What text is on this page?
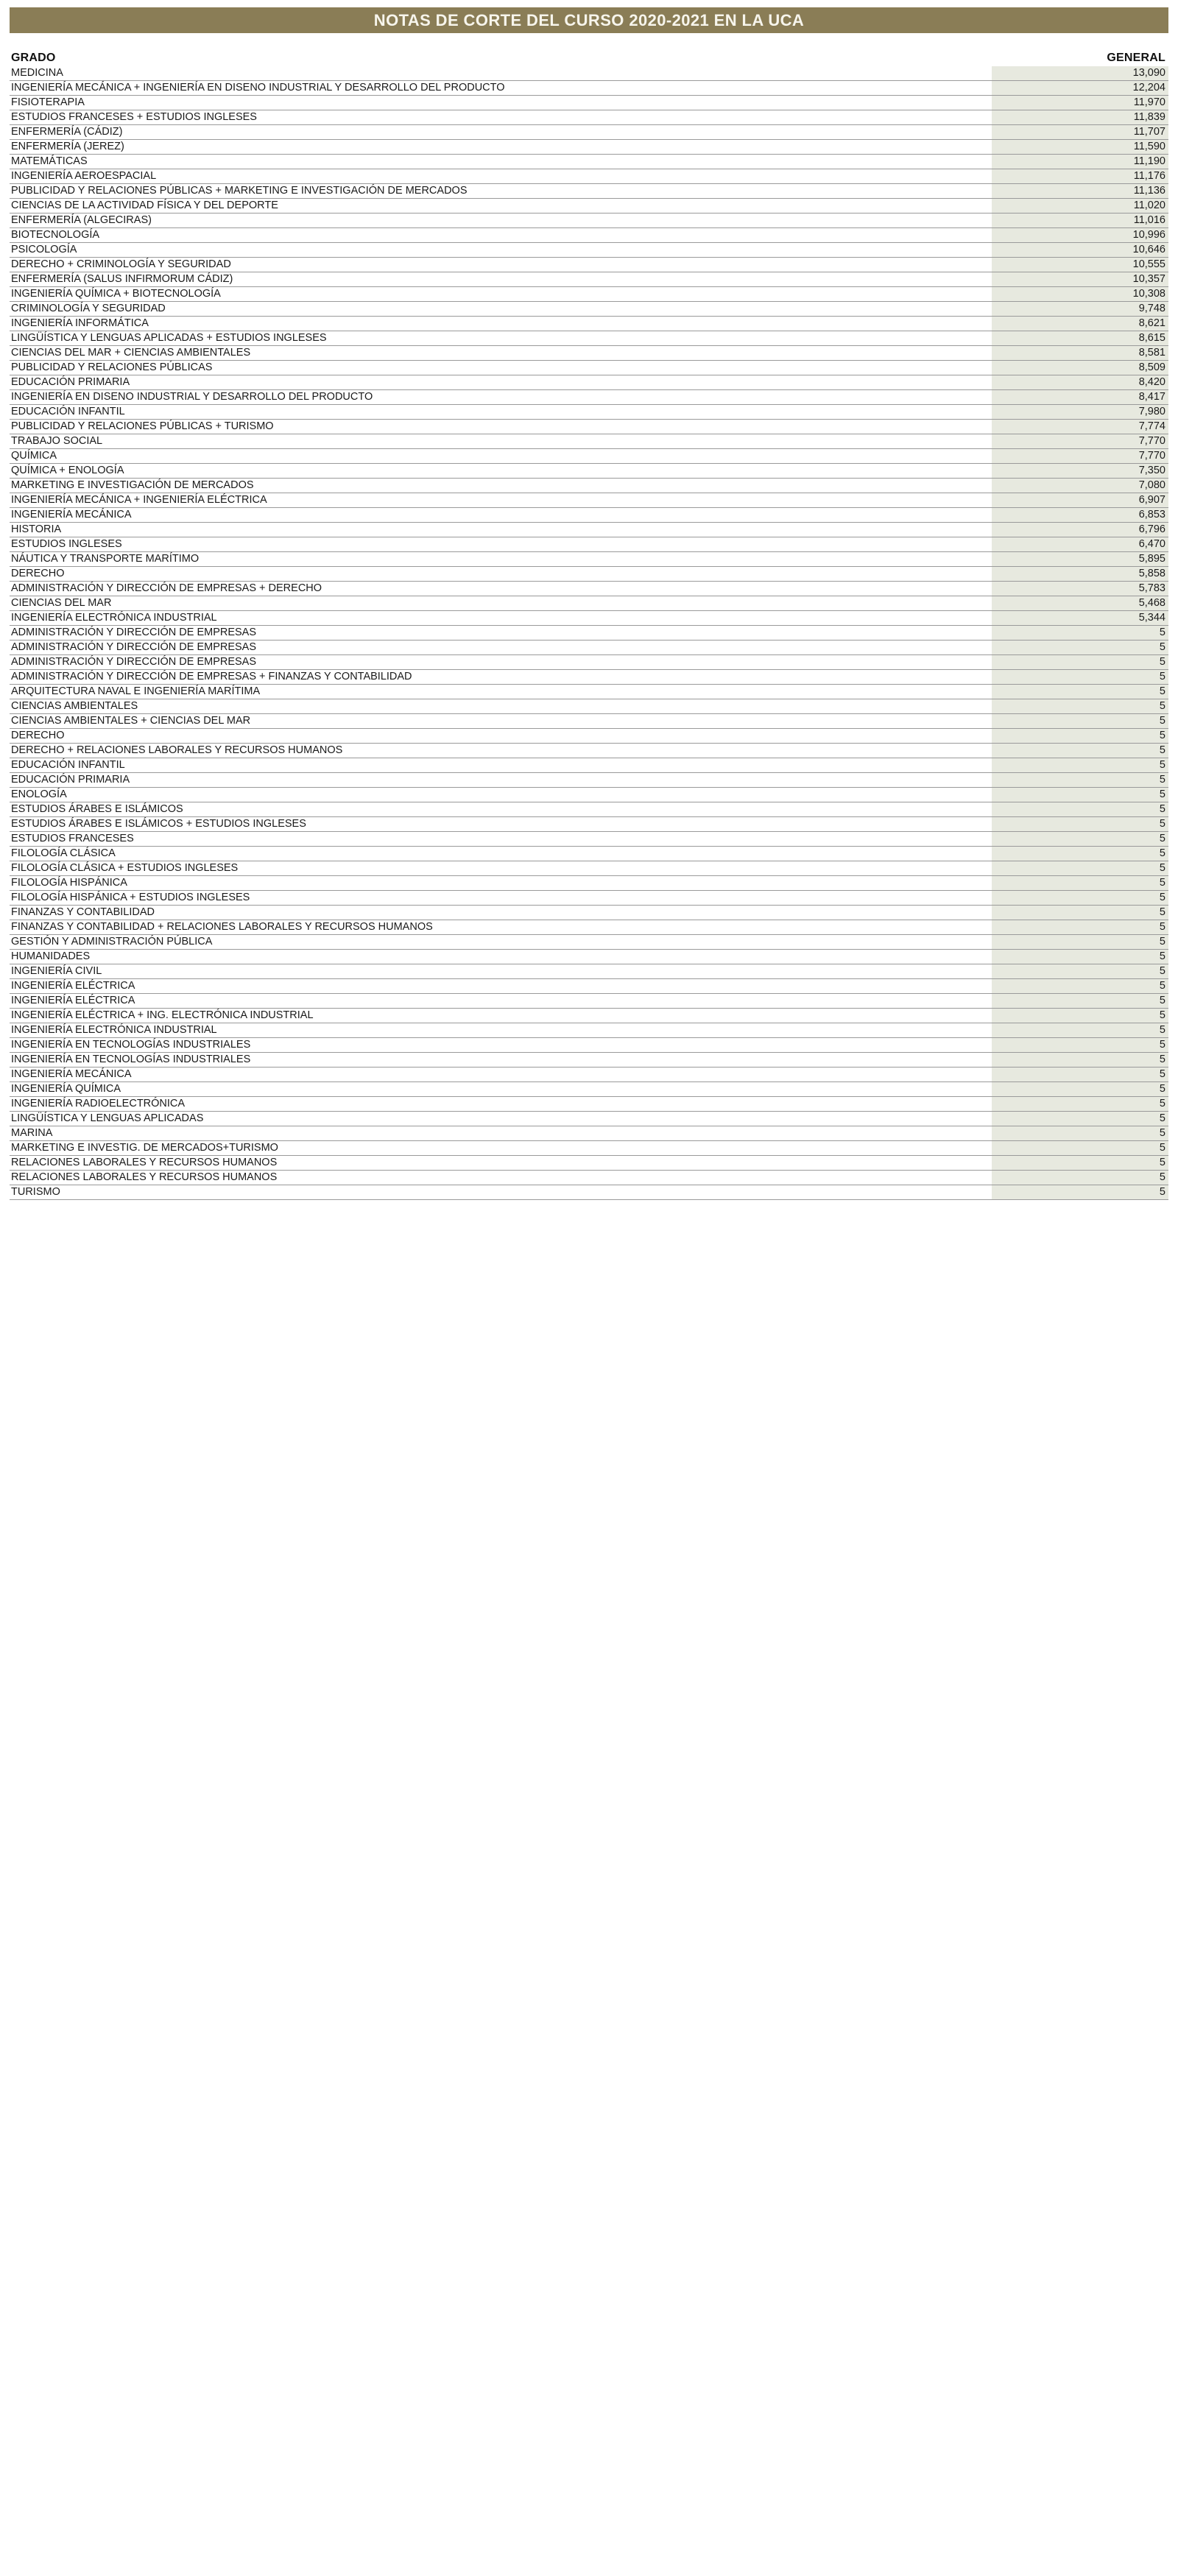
NOTAS DE CORTE DEL CURSO 2020-2021 EN LA UCA
GRADO	GENERAL
MEDICINA	13,090
INGENIERÍA MECÁNICA + INGENIERÍA EN DISENO INDUSTRIAL Y DESARROLLO DEL PRODUCTO	12,204
FISIOTERAPIA	11,970
ESTUDIOS FRANCESES + ESTUDIOS INGLESES	11,839
ENFERMERÍA (CÁDIZ)	11,707
ENFERMERÍA (JEREZ)	11,590
MATEMÁTICAS	11,190
INGENIERÍA AEROESPACIAL	11,176
PUBLICIDAD Y RELACIONES PÚBLICAS + MARKETING E INVESTIGACIÓN DE MERCADOS	11,136
CIENCIAS DE LA ACTIVIDAD FÍSICA Y DEL DEPORTE	11,020
ENFERMERÍA (ALGECIRAS)	11,016
BIOTECNOLOGÍA	10,996
PSICOLOGÍA	10,646
DERECHO + CRIMINOLOGÍA Y SEGURIDAD	10,555
ENFERMERÍA (SALUS INFIRMORUM CÁDIZ)	10,357
INGENIERÍA QUÍMICA + BIOTECNOLOGÍA	10,308
CRIMINOLOGÍA Y SEGURIDAD	9,748
INGENIERÍA INFORMÁTICA	8,621
LINGÜÍSTICA Y LENGUAS APLICADAS + ESTUDIOS INGLESES	8,615
CIENCIAS DEL MAR + CIENCIAS AMBIENTALES	8,581
PUBLICIDAD Y RELACIONES PÚBLICAS	8,509
EDUCACIÓN PRIMARIA	8,420
INGENIERÍA EN DISENO INDUSTRIAL Y DESARROLLO DEL PRODUCTO	8,417
EDUCACIÓN INFANTIL	7,980
PUBLICIDAD Y RELACIONES PÚBLICAS + TURISMO	7,774
TRABAJO SOCIAL	7,770
QUÍMICA	7,770
QUÍMICA + ENOLOGÍA	7,350
MARKETING E INVESTIGACIÓN DE MERCADOS	7,080
INGENIERÍA MECÁNICA + INGENIERÍA ELÉCTRICA	6,907
INGENIERÍA MECÁNICA	6,853
HISTORIA	6,796
ESTUDIOS INGLESES	6,470
NÁUTICA Y TRANSPORTE MARÍTIMO	5,895
DERECHO	5,858
ADMINISTRACIÓN Y DIRECCIÓN DE EMPRESAS + DERECHO	5,783
CIENCIAS DEL MAR	5,468
INGENIERÍA ELECTRÓNICA INDUSTRIAL	5,344
ADMINISTRACIÓN Y DIRECCIÓN DE EMPRESAS	5
ADMINISTRACIÓN Y DIRECCIÓN DE EMPRESAS	5
ADMINISTRACIÓN Y DIRECCIÓN DE EMPRESAS	5
ADMINISTRACIÓN Y DIRECCIÓN DE EMPRESAS + FINANZAS Y CONTABILIDAD	5
ARQUITECTURA NAVAL E INGENIERÍA MARÍTIMA	5
CIENCIAS AMBIENTALES	5
CIENCIAS AMBIENTALES + CIENCIAS DEL MAR	5
DERECHO	5
DERECHO + RELACIONES LABORALES Y RECURSOS HUMANOS	5
EDUCACIÓN INFANTIL	5
EDUCACIÓN PRIMARIA	5
ENOLOGÍA	5
ESTUDIOS ÁRABES E ISLÁMICOS	5
ESTUDIOS ÁRABES E ISLÁMICOS + ESTUDIOS INGLESES	5
ESTUDIOS FRANCESES	5
FILOLOGÍA CLÁSICA	5
FILOLOGÍA CLÁSICA + ESTUDIOS INGLESES	5
FILOLOGÍA HISPÁNICA	5
FILOLOGÍA HISPÁNICA + ESTUDIOS INGLESES	5
FINANZAS Y CONTABILIDAD	5
FINANZAS Y CONTABILIDAD + RELACIONES LABORALES Y RECURSOS HUMANOS	5
GESTIÓN Y ADMINISTRACIÓN PÚBLICA	5
HUMANIDADES	5
INGENIERÍA CIVIL	5
INGENIERÍA ELÉCTRICA	5
INGENIERÍA ELÉCTRICA	5
INGENIERÍA ELÉCTRICA + ING. ELECTRÓNICA INDUSTRIAL	5
INGENIERÍA ELECTRÓNICA INDUSTRIAL	5
INGENIERÍA EN TECNOLOGÍAS INDUSTRIALES	5
INGENIERÍA EN TECNOLOGÍAS INDUSTRIALES	5
INGENIERÍA MECÁNICA	5
INGENIERÍA QUÍMICA	5
INGENIERÍA RADIOELECTRÓNICA	5
LINGÜÍSTICA Y LENGUAS APLICADAS	5
MARINA	5
MARKETING E INVESTIG. DE MERCADOS+TURISMO	5
RELACIONES LABORALES Y RECURSOS HUMANOS	5
RELACIONES LABORALES Y RECURSOS HUMANOS	5
TURISMO	5
